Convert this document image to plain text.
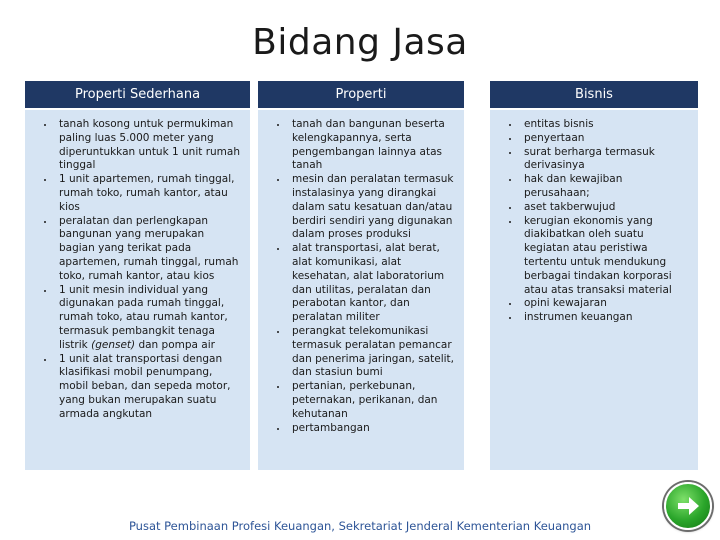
Bidang Jasa
Properti Sederhana
• tanah kosong untuk permukiman paling luas 5.000 meter yang diperuntukkan untuk 1 unit rumah tinggal
• 1 unit apartemen, rumah tinggal, rumah toko, rumah kantor, atau kios
• peralatan dan perlengkapan bangunan yang merupakan bagian yang terikat pada apartemen, rumah tinggal, rumah toko, rumah kantor, atau kios
• 1 unit mesin individual yang digunakan pada rumah tinggal, rumah toko, atau rumah kantor, termasuk pembangkit tenaga listrik (genset) dan pompa air
• 1 unit alat transportasi dengan klasifikasi mobil penumpang, mobil beban, dan sepeda motor, yang bukan merupakan suatu armada angkutan
Properti
• tanah dan bangunan beserta kelengkapannya, serta pengembangan lainnya atas tanah
• mesin dan peralatan termasuk instalasinya yang dirangkai dalam satu kesatuan dan/atau berdiri sendiri yang digunakan dalam proses produksi
• alat transportasi, alat berat, alat komunikasi, alat kesehatan, alat laboratorium dan utilitas, peralatan dan perabotan kantor, dan peralatan militer
• perangkat telekomunikasi termasuk peralatan pemancar dan penerima jaringan, satelit, dan stasiun bumi
• pertanian, perkebunan, peternakan, perikanan, dan kehutanan
• pertambangan
Bisnis
• entitas bisnis
• penyertaan
• surat berharga termasuk derivasinya
• hak dan kewajiban perusahaan;
• aset takberwujud
• kerugian ekonomis yang diakibatkan oleh suatu kegiatan atau peristiwa tertentu untuk mendukung berbagai tindakan korporasi atau atas transaksi material
• opini kewajaran
• instrumen keuangan
Pusat Pembinaan Profesi Keuangan, Sekretariat Jenderal Kementerian Keuangan
